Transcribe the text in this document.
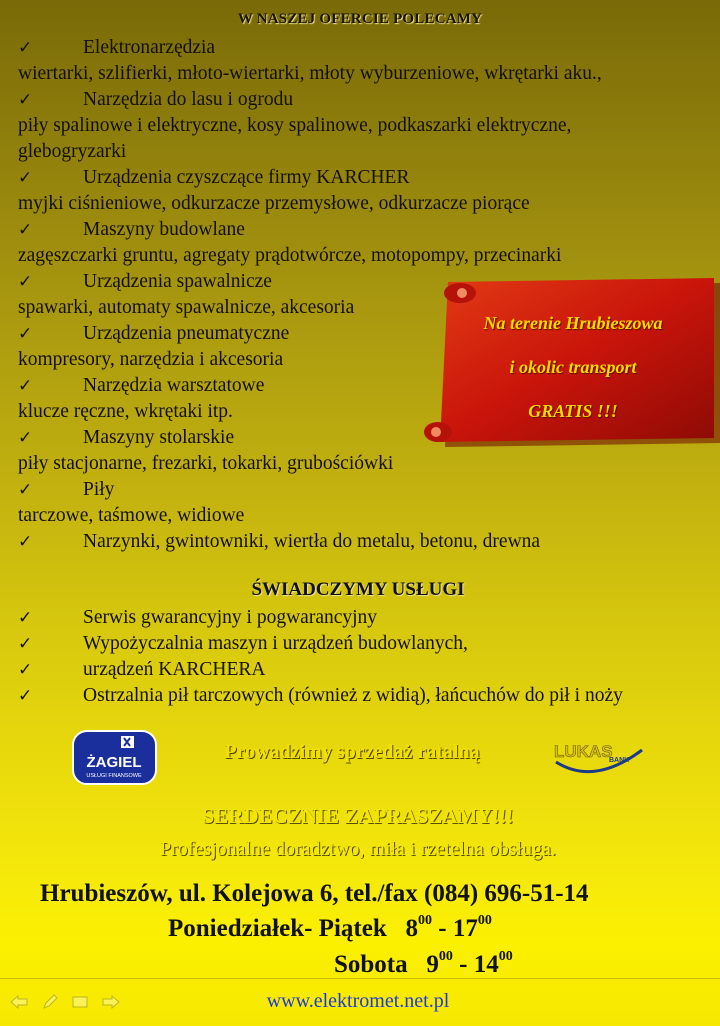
W NASZEJ OFERCIE POLECAMY
✓	Elektronarzędzia
wiertarki, szlifierki, młoto-wiertarki, młoty wyburzeniowe, wkrętarki aku.,
✓	Narzędzia do lasu i ogrodu
piły spalinowe i elektryczne, kosy spalinowe, podkaszarki elektryczne,
glebogryzarki
✓	Urządzenia czyszczące firmy KARCHER
myjki ciśnieniowe, odkurzacze przemysłowe, odkurzacze piorące
✓	Maszyny budowlane
zagęszczarki gruntu, agregaty prądotwórcze, motopompy, przecinarki
✓	Urządzenia spawalnicze
spawarki, automaty spawalnicze, akcesoria
✓	Urządzenia pneumatyczne
kompresory, narzędzia i akcesoria
✓	Narzędzia warsztatowe
klucze ręczne, wkrętaki itp.
✓	Maszyny stolarskie
piły stacjonarne, frezarki, tokarki, grubościówki
✓	Piły
tarczowe, taśmowe, widiowe
✓	Narzynki, gwintowniki, wiertła do metalu, betonu, drewna
Na terenie Hrubieszowa
i okolic transport
GRATIS !!!
ŚWIADCZYMY USŁUGI
✓	Serwis gwarancyjny i pogwarancyjny
✓	Wypożyczalnia maszyn i urządzeń budowlanych,
✓	urządzeń KARCHERA
✓	Ostrzalnia pił tarczowych (również z widią), łańcuchów do pił i noży
ŻAGIEL
USŁUGI FINANSOWE
Prowadzimy sprzedaż ratalną	LUKAS
BANK
SERDECZNIE ZAPRASZAMY!!!
Profesjonalne doradztwo, miła i rzetelna obsługa.
Hrubieszów, ul. Kolejowa 6, tel./fax (084) 696-51-14
Poniedziałek- Piątek $8^{00} - 17^{00}$
Sobota $9^{00} - 14^{00}$
www.elektromet.net.pl
